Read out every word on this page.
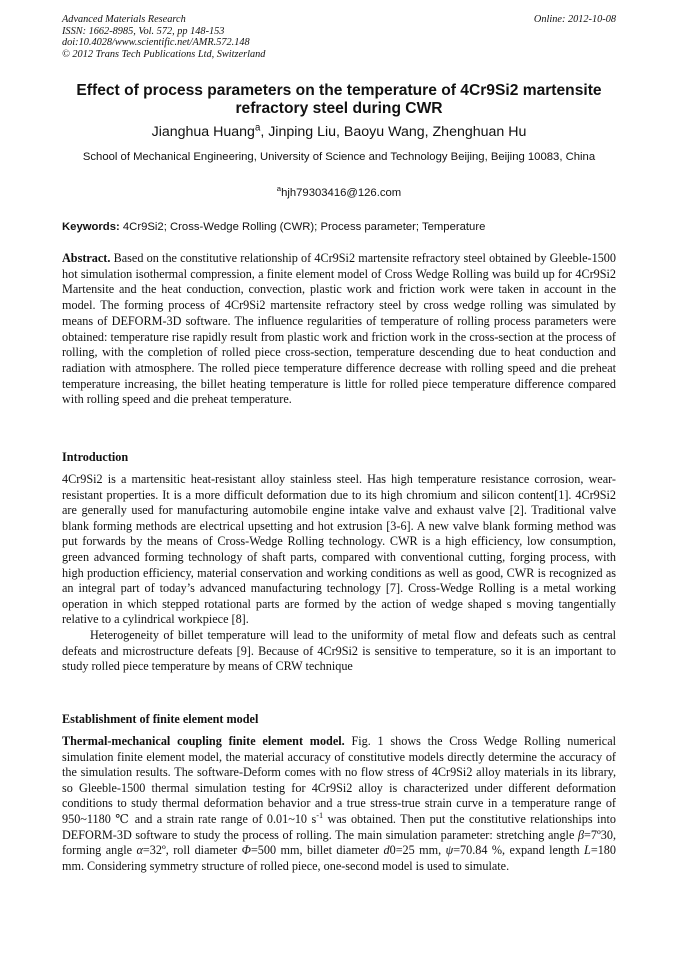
Advanced Materials Research
ISSN: 1662-8985, Vol. 572, pp 148-153
doi:10.4028/www.scientific.net/AMR.572.148
© 2012 Trans Tech Publications Ltd, Switzerland
Online: 2012-10-08
Effect of process parameters on the temperature of 4Cr9Si2 martensite refractory steel during CWR
Jianghua Huang$^a$, Jinping Liu, Baoyu Wang, Zhenghuan Hu
School of Mechanical Engineering, University of Science and Technology Beijing, Beijing 10083, China
$^a$hjh79303416@126.com
Keywords: 4Cr9Si2; Cross-Wedge Rolling (CWR); Process parameter; Temperature
Abstract. Based on the constitutive relationship of 4Cr9Si2 martensite refractory steel obtained by Gleeble-1500 hot simulation isothermal compression, a finite element model of Cross Wedge Rolling was build up for 4Cr9Si2 Martensite and the heat conduction, convection, plastic work and friction work were taken in account in the model. The forming process of 4Cr9Si2 martensite refractory steel by cross wedge rolling was simulated by means of DEFORM-3D software. The influence regularities of temperature of rolling process parameters were obtained: temperature rise rapidly result from plastic work and friction work in the cross-section at the process of rolling, with the completion of rolled piece cross-section, temperature descending due to heat conduction and radiation with atmosphere. The rolled piece temperature difference decrease with rolling speed and die preheat temperature increasing, the billet heating temperature is little for rolled piece temperature difference compared with rolling speed and die preheat temperature.
Introduction

4Cr9Si2 is a martensitic heat-resistant alloy stainless steel. Has high temperature resistance corrosion, wear-resistant properties. It is a more difficult deformation due to its high chromium and silicon content[1]. 4Cr9Si2 are generally used for manufacturing automobile engine intake valve and exhaust valve [2]. Traditional valve blank forming methods are electrical upsetting and hot extrusion [3-6]. A new valve blank forming method was put forwards by the means of Cross-Wedge Rolling technology. CWR is a high efficiency, low consumption, green advanced forming technology of shaft parts, compared with conventional cutting, forging process, with high production efficiency, material conservation and working conditions as well as good, CWR is recognized as an integral part of today’s advanced manufacturing technology [7]. Cross-Wedge Rolling is a metal working operation in which stepped rotational parts are formed by the action of wedge shaped s moving tangentially relative to a cylindrical workpiece [8].

Heterogeneity of billet temperature will lead to the uniformity of metal flow and defeats such as central defeats and microstructure defeats [9]. Because of 4Cr9Si2 is sensitive to temperature, so it is an important to study rolled piece temperature by means of CRW technique

Establishment of finite element model
Thermal-mechanical coupling finite element model. Fig. 1 shows the Cross Wedge Rolling numerical simulation finite element model, the material accuracy of constitutive models directly determine the accuracy of the simulation results. The software-Deform comes with no flow stress of 4Cr9Si2 alloy materials in its library, so Gleeble-1500 thermal simulation testing for 4Cr9Si2 alloy is characterized under different deformation conditions to study thermal deformation behavior and a true stress-true strain curve in a temperature range of 950~1180 ℃ and a strain rate range of 0.01~10 $s^{-1}$ was obtained. Then put the constitutive relationships into DEFORM-3D software to study the process of rolling. The main simulation parameter: stretching angle β=7º30, forming angle α=32º, roll diameter Φ=500 mm, billet diameter d0=25 mm, ψ=70.84 %, expand length L=180 mm. Considering symmetry structure of rolled piece, one-second model is used to simulate.
